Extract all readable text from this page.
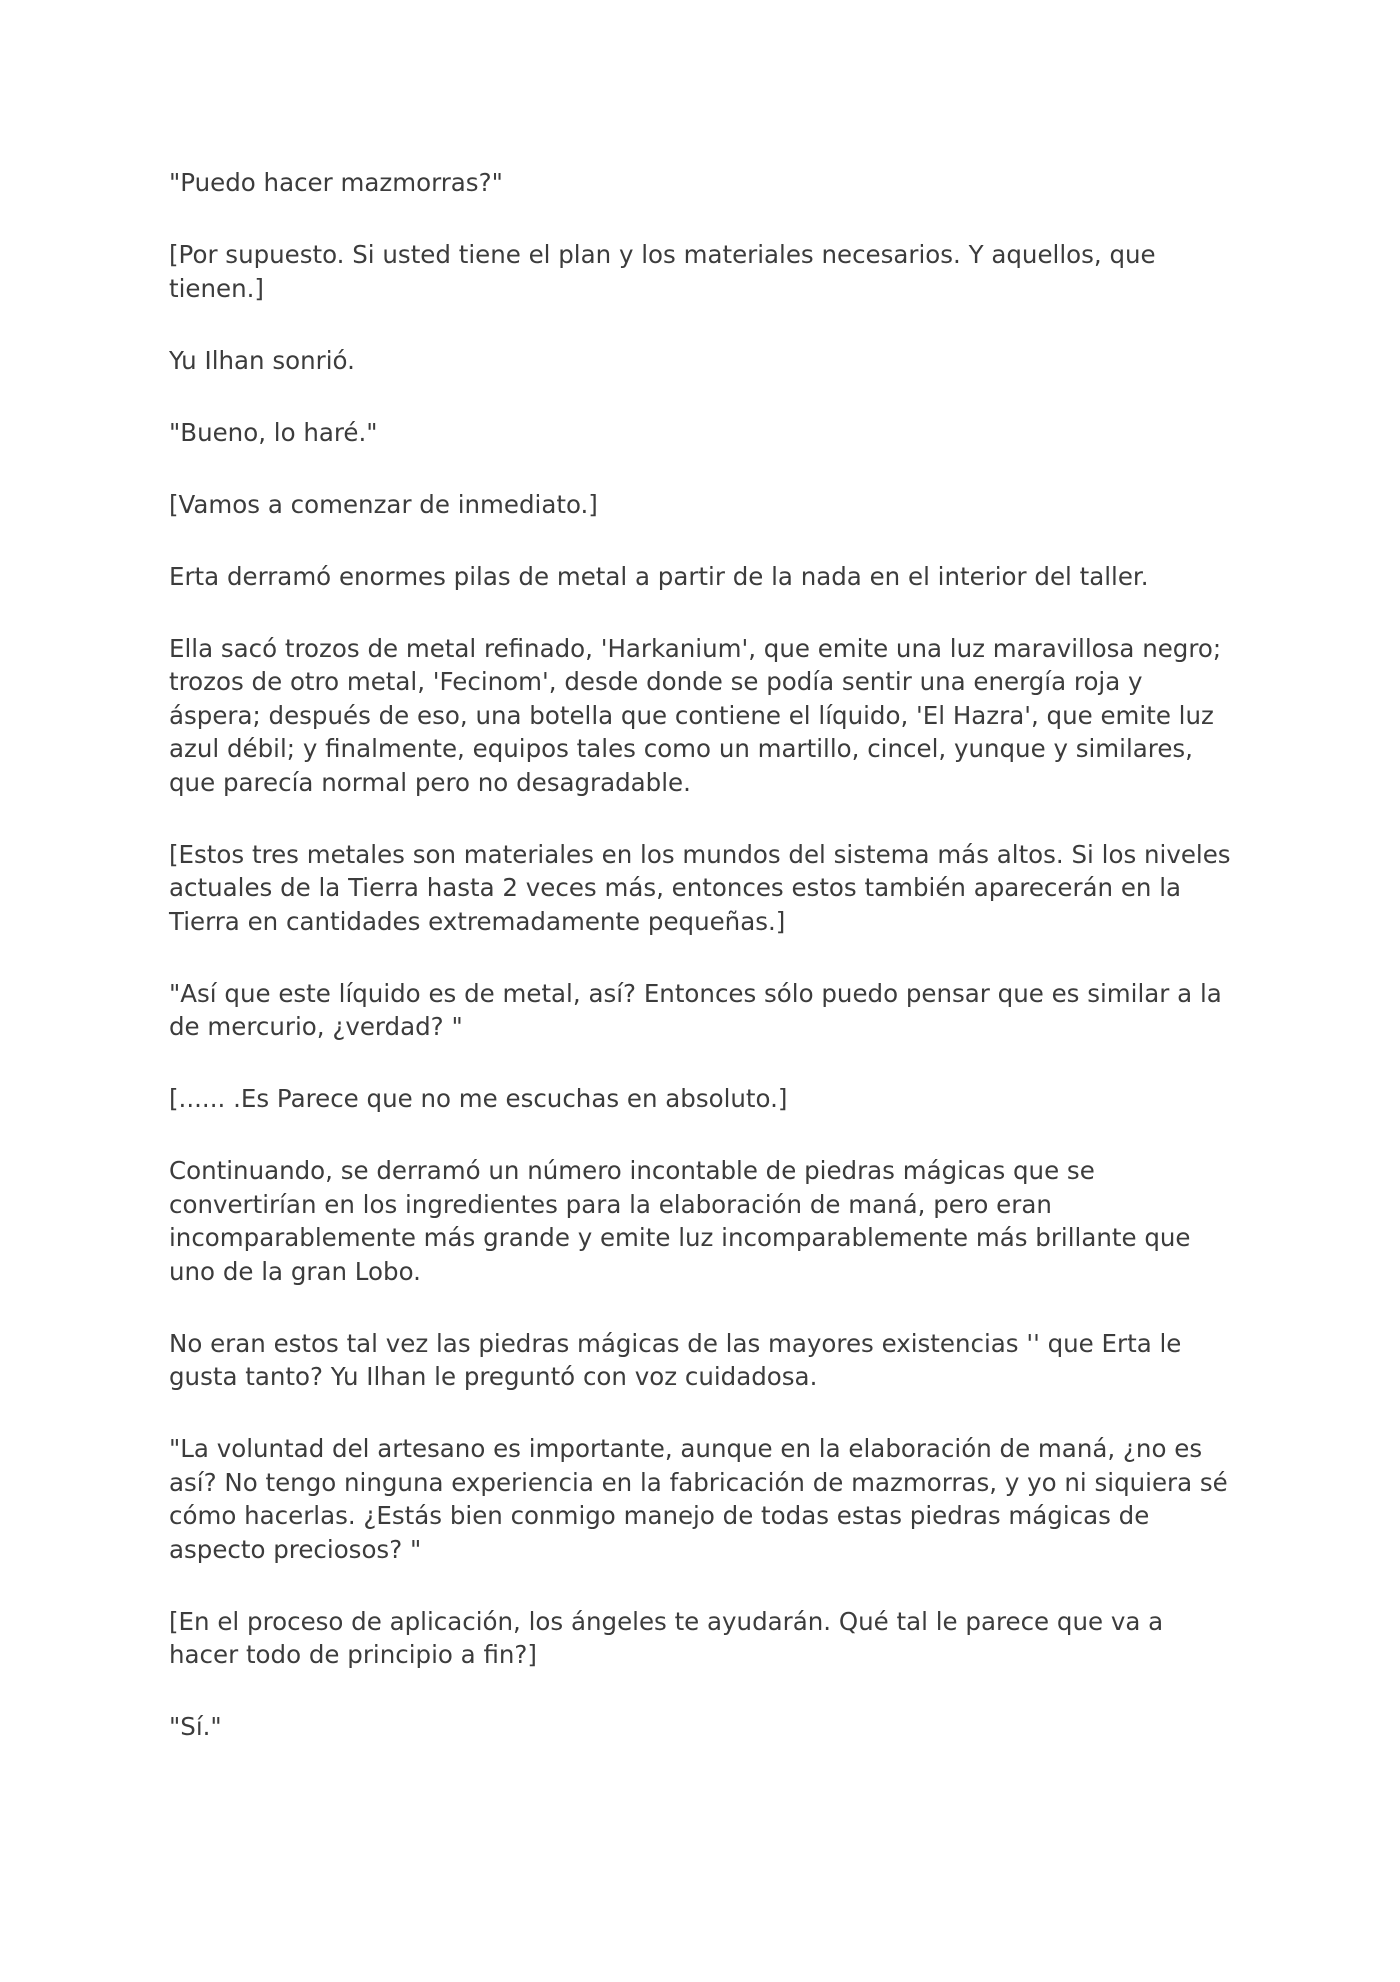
"Puedo hacer mazmorras?"

[Por supuesto. Si usted tiene el plan y los materiales necesarios. Y aquellos, que tienen.]

Yu Ilhan sonrió.

"Bueno, lo haré."

[Vamos a comenzar de inmediato.]

Erta derramó enormes pilas de metal a partir de la nada en el interior del taller.

Ella sacó trozos de metal refinado, 'Harkanium', que emite una luz maravillosa negro; trozos de otro metal, 'Fecinom', desde donde se podía sentir una energía roja y áspera; después de eso, una botella que contiene el líquido, 'El Hazra', que emite luz azul débil; y finalmente, equipos tales como un martillo, cincel, yunque y similares, que parecía normal pero no desagradable.

[Estos tres metales son materiales en los mundos del sistema más altos. Si los niveles actuales de la Tierra hasta 2 veces más, entonces estos también aparecerán en la Tierra en cantidades extremadamente pequeñas.]

"Así que este líquido es de metal, así? Entonces sólo puedo pensar que es similar a la de mercurio, ¿verdad? "

[...... .Es Parece que no me escuchas en absoluto.]

Continuando, se derramó un número incontable de piedras mágicas que se convertirían en los ingredientes para la elaboración de maná, pero eran incomparablemente más grande y emite luz incomparablemente más brillante que uno de la gran Lobo.

No eran estos tal vez las piedras mágicas de las mayores existencias '' que Erta le gusta tanto? Yu Ilhan le preguntó con voz cuidadosa.

"La voluntad del artesano es importante, aunque en la elaboración de maná, ¿no es así? No tengo ninguna experiencia en la fabricación de mazmorras, y yo ni siquiera sé cómo hacerlas. ¿Estás bien conmigo manejo de todas estas piedras mágicas de aspecto preciosos? "

[En el proceso de aplicación, los ángeles te ayudarán. Qué tal le parece que va a hacer todo de principio a fin?]

"Sí."
